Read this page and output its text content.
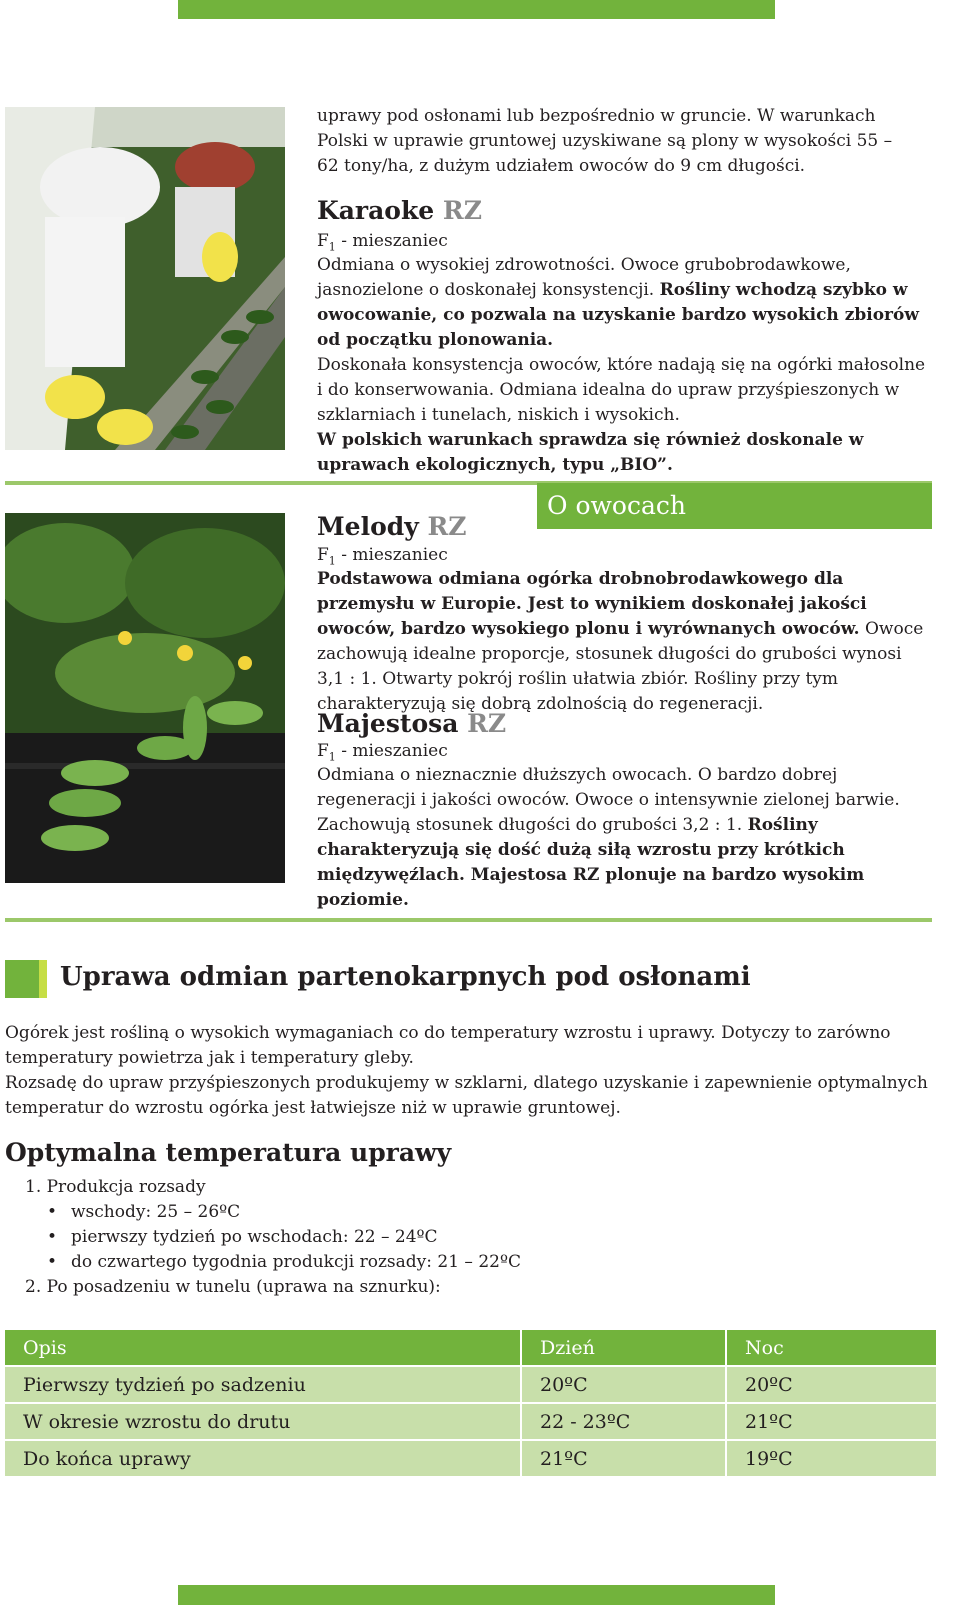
uprawy pod osłonami lub bezpośrednio w gruncie. W warunkach Polski w uprawie gruntowej uzyskiwane są plony w wysokości 55 – 62 tony/ha, z dużym udziałem owoców do 9 cm długości.
Karaoke RZ
$F_1$ - mieszaniec
Odmiana o wysokiej zdrowotności. Owoce grubobrodawkowe, jasnozielone o doskonałej konsystencji. Rośliny wchodzą szybko w owocowanie, co pozwala na uzyskanie bardzo wysokich zbiorów od początku plonowania.
Doskonała konsystencja owoców, które nadają się na ogórki małosolne i do konserwowania. Odmiana idealna do upraw przyśpieszonych w szklarniach i tunelach, niskich i wysokich.
W polskich warunkach sprawdza się również doskonale w uprawach ekologicznych, typu „BIO”.
O owocach drobnobrodawkowych
Melody RZ
$F_1$ - mieszaniec
Podstawowa odmiana ogórka drobnobrodawkowego dla przemysłu w Europie. Jest to wynikiem doskonałej jakości owoców, bardzo wysokiego plonu i wyrównanych owoców. Owoce zachowują idealne proporcje, stosunek długości do grubości wynosi 3,1 : 1. Otwarty pokrój roślin ułatwia zbiór. Rośliny przy tym charakteryzują się dobrą zdolnością do regeneracji.
Majestosa RZ
$F_1$ - mieszaniec
Odmiana o nieznacznie dłuższych owocach. O bardzo dobrej regeneracji i jakości owoców. Owoce o intensywnie zielonej barwie. Zachowują stosunek długości do grubości 3,2 : 1. Rośliny charakteryzują się dość dużą siłą wzrostu przy krótkich międzywęźlach. Majestosa RZ plonuje na bardzo wysokim poziomie.
Uprawa odmian partenokarpnych pod osłonami
Ogórek jest rośliną o wysokich wymaganiach co do temperatury wzrostu i uprawy. Dotyczy to zarówno temperatury powietrza jak i temperatury gleby.
Rozsadę do upraw przyśpieszonych produkujemy w szklarni, dlatego uzyskanie i zapewnienie optymalnych temperatur do wzrostu ogórka jest łatwiejsze niż w uprawie gruntowej.
Optymalna temperatura uprawy
1. Produkcja rozsady
• wschody: 25 – 26ºC
• pierwszy tydzień po wschodach: 22 – 24ºC
• do czwartego tygodnia produkcji rozsady: 21 – 22ºC
2. Po posadzeniu w tunelu (uprawa na sznurku):
Opis	Dzień	Noc
Pierwszy tydzień po sadzeniu	20ºC	20ºC
W okresie wzrostu do drutu	22 - 23ºC	21ºC
Do końca uprawy	21ºC	19ºC
